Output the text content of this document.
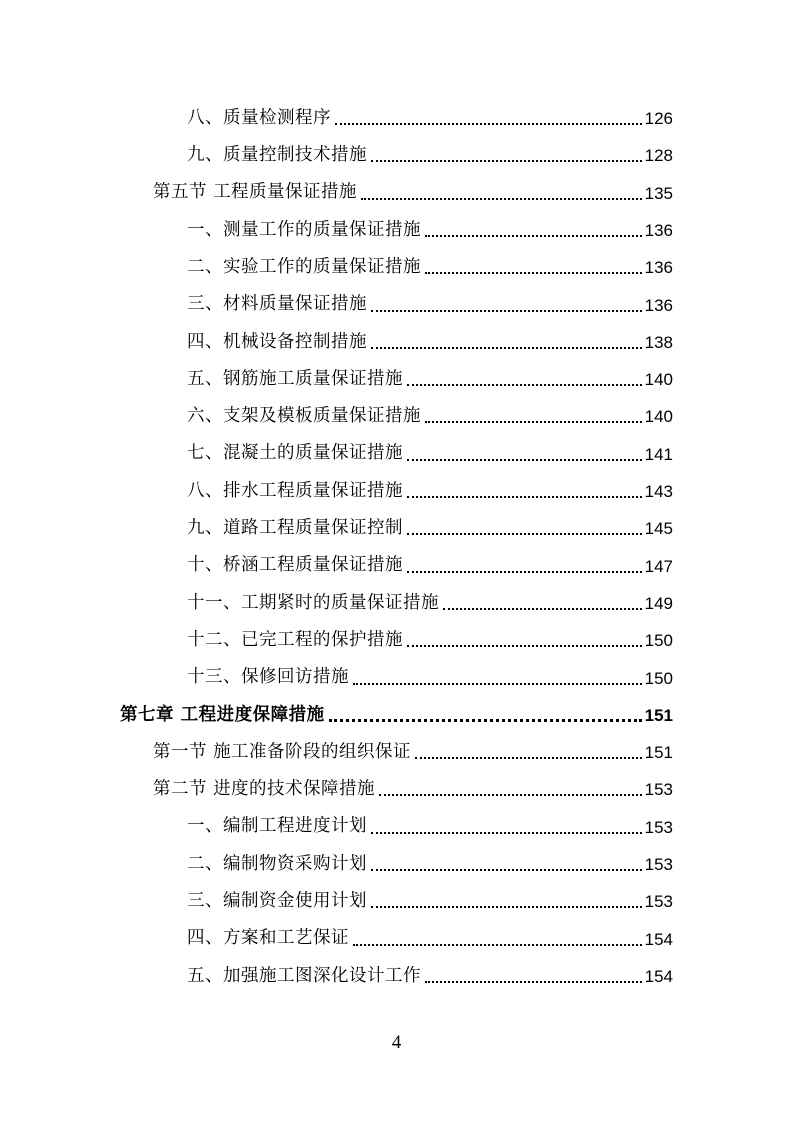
八、质量检测程序	126
九、质量控制技术措施	128
第五节 工程质量保证措施	135
一、测量工作的质量保证措施	136
二、实验工作的质量保证措施	136
三、材料质量保证措施	136
四、机械设备控制措施	138
五、钢筋施工质量保证措施	140
六、支架及模板质量保证措施	140
七、混凝土的质量保证措施	141
八、排水工程质量保证措施	143
九、道路工程质量保证控制	145
十、桥涵工程质量保证措施	147
十一、工期紧时的质量保证措施	149
十二、已完工程的保护措施	150
十三、保修回访措施	150
第七章 工程进度保障措施	151
第一节 施工准备阶段的组织保证	151
第二节 进度的技术保障措施	153
一、编制工程进度计划	153
二、编制物资采购计划	153
三、编制资金使用计划	153
四、方案和工艺保证	154
五、加强施工图深化设计工作	154
4
